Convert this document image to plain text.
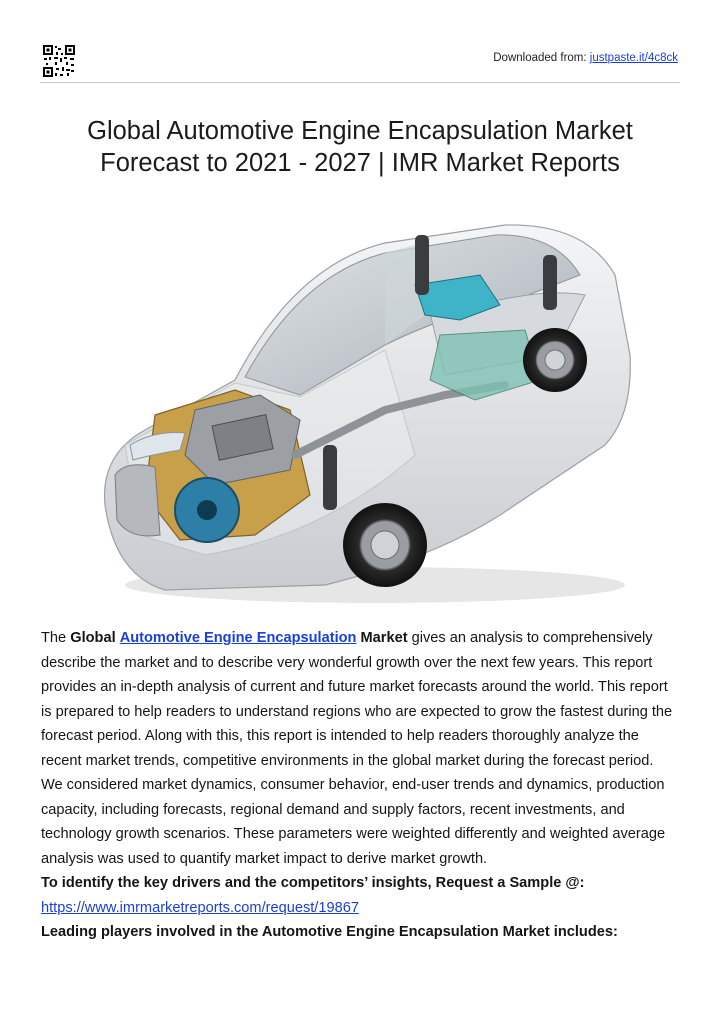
Downloaded from: justpaste.it/4c8ck
Global Automotive Engine Encapsulation Market
Forecast to 2021 - 2027 | IMR Market Reports

The Global Automotive Engine Encapsulation Market gives an analysis to comprehensively describe the market and to describe very wonderful growth over the next few years. This report provides an in-depth analysis of current and future market forecasts around the world. This report is prepared to help readers to understand regions who are expected to grow the fastest during the forecast period. Along with this, this report is intended to help readers thoroughly analyze the recent market trends, competitive environments in the global market during the forecast period.

We considered market dynamics, consumer behavior, end-user trends and dynamics, production capacity, including forecasts, regional demand and supply factors, recent investments, and technology growth scenarios. These parameters were weighted differently and weighted average analysis was used to quantify market impact to derive market growth.

To identify the key drivers and the competitors’ insights, Request a Sample @:
https://www.imrmarketreports.com/request/19867

Leading players involved in the Automotive Engine Encapsulation Market includes:
